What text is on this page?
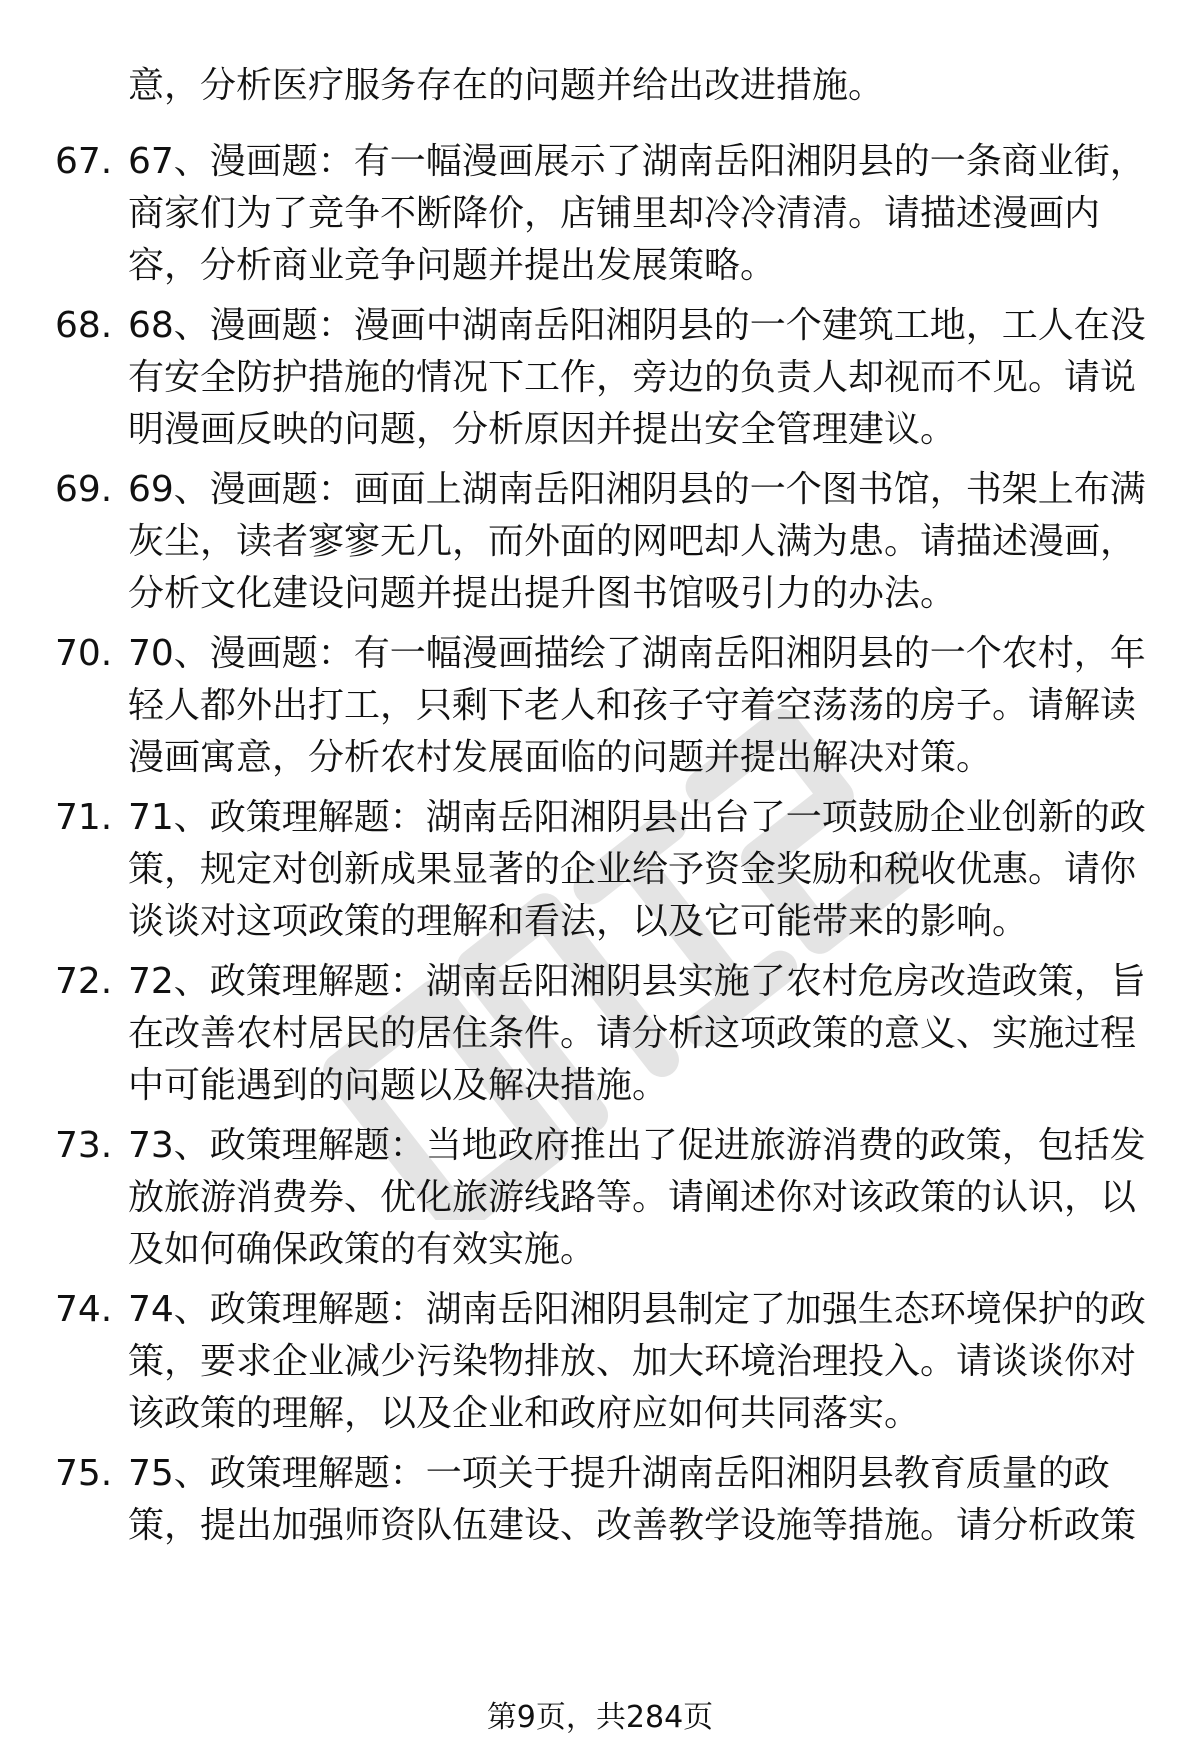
意，分析医疗服务存在的问题并给出改进措施。
67. 67、漫画题：有一幅漫画展示了湖南岳阳湘阴县的一条商业街，
商家们为了竞争不断降价，店铺里却冷冷清清。请描述漫画内
容，分析商业竞争问题并提出发展策略。
68. 68、漫画题：漫画中湖南岳阳湘阴县的一个建筑工地，工人在没
有安全防护措施的情况下工作，旁边的负责人却视而不见。请说
明漫画反映的问题，分析原因并提出安全管理建议。
69. 69、漫画题：画面上湖南岳阳湘阴县的一个图书馆，书架上布满
灰尘，读者寥寥无几，而外面的网吧却人满为患。请描述漫画，
分析文化建设问题并提出提升图书馆吸引力的办法。
70. 70、漫画题：有一幅漫画描绘了湖南岳阳湘阴县的一个农村，年
轻人都外出打工，只剩下老人和孩子守着空荡荡的房子。请解读
漫画寓意，分析农村发展面临的问题并提出解决对策。
71. 71、政策理解题：湖南岳阳湘阴县出台了一项鼓励企业创新的政
策，规定对创新成果显著的企业给予资金奖励和税收优惠。请你
谈谈对这项政策的理解和看法，以及它可能带来的影响。
72. 72、政策理解题：湖南岳阳湘阴县实施了农村危房改造政策，旨
在改善农村居民的居住条件。请分析这项政策的意义、实施过程
中可能遇到的问题以及解决措施。
73. 73、政策理解题：当地政府推出了促进旅游消费的政策，包括发
放旅游消费券、优化旅游线路等。请阐述你对该政策的认识，以
及如何确保政策的有效实施。
74. 74、政策理解题：湖南岳阳湘阴县制定了加强生态环境保护的政
策，要求企业减少污染物排放、加大环境治理投入。请谈谈你对
该政策的理解，以及企业和政府应如何共同落实。
75. 75、政策理解题：一项关于提升湖南岳阳湘阴县教育质量的政
策，提出加强师资队伍建设、改善教学设施等措施。请分析政策
第9页，共284页
